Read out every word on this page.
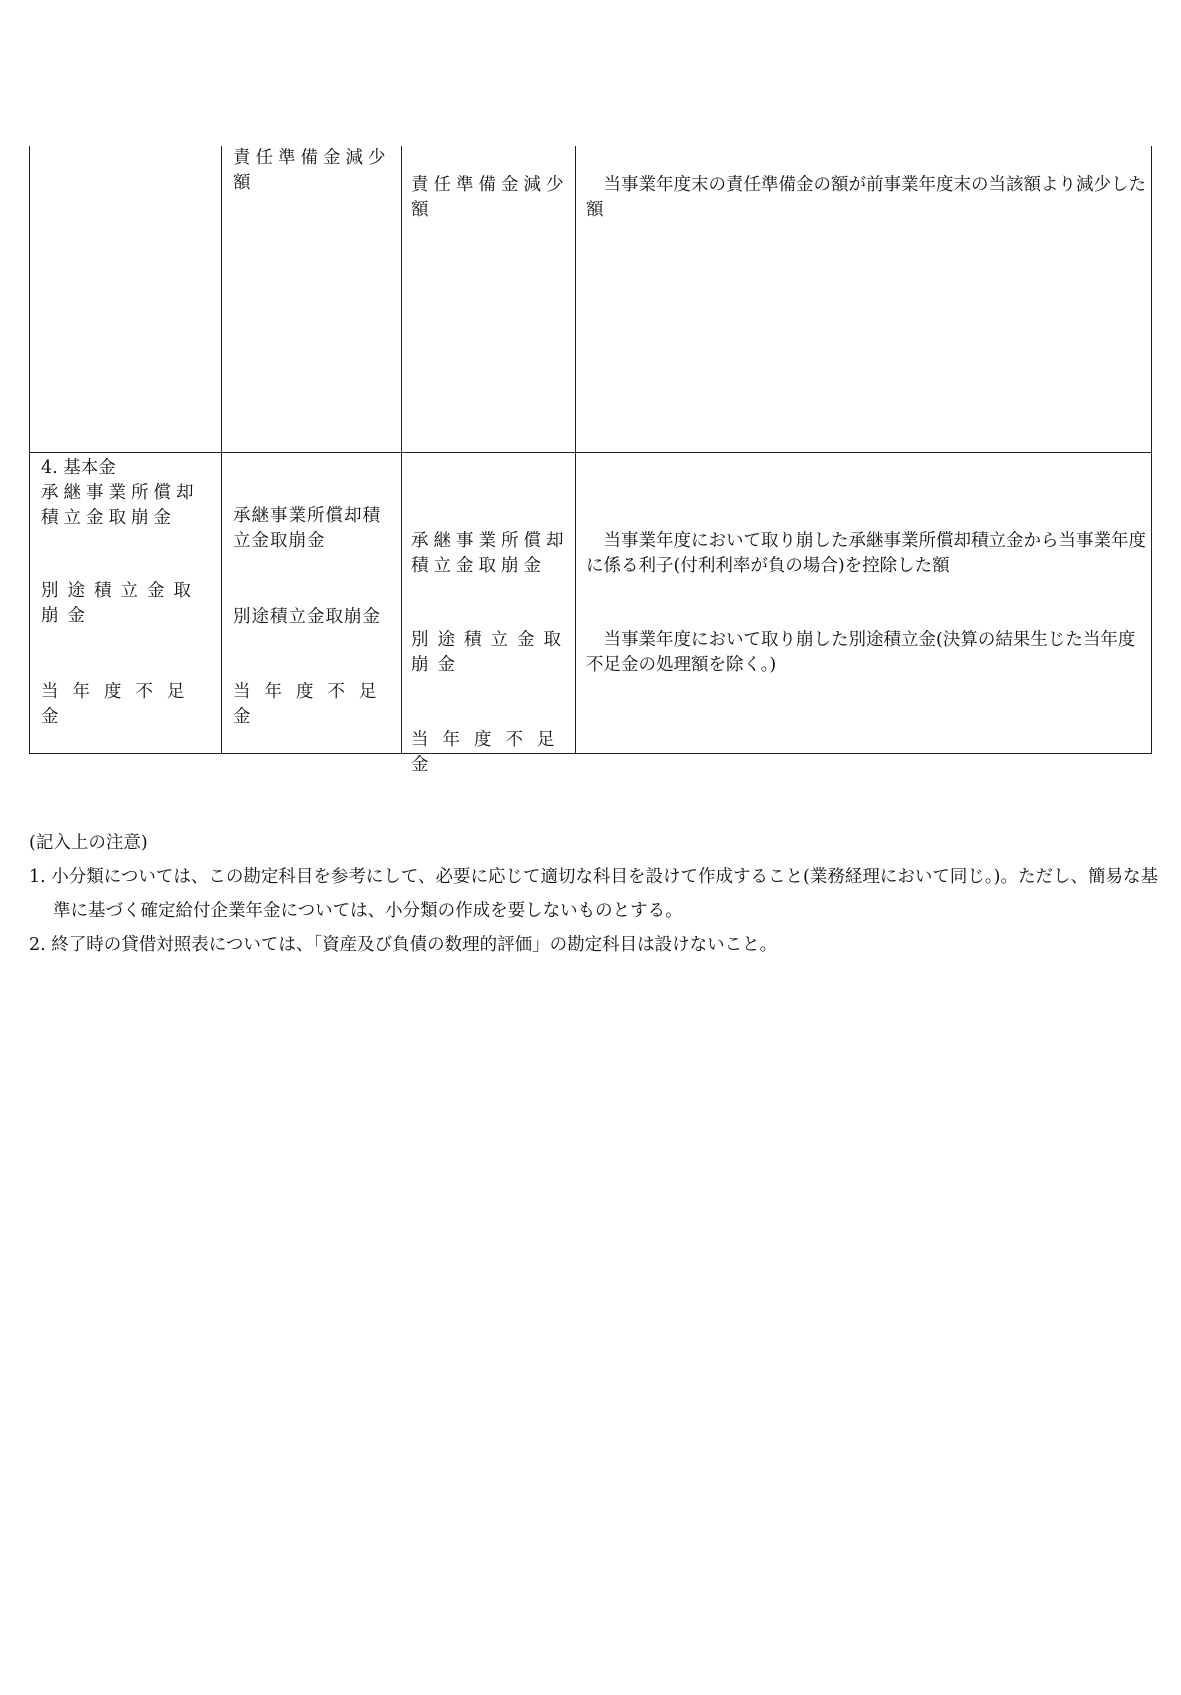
責任準備金減少額	責任準備金減少額
　当事業年度末の責任準備金の額が前事業年度末の当該額より減少した額
4. 基本金
承継事業所償却積立金取崩金
別途積立金取崩金
当年度不足金
承継事業所償却積立金取崩金
別途積立金取崩金
当年度不足金
承継事業所償却積立金取崩金
別途積立金取崩金
当年度不足金
　当事業年度において取り崩した承継事業所償却積立金から当事業年度に係る利子(付利利率が負の場合)を控除した額
　当事業年度において取り崩した別途積立金(決算の結果生じた当年度不足金の処理額を除く。)
(記入上の注意)
1. 小分類については、この勘定科目を参考にして、必要に応じて適切な科目を設けて作成すること(業務経理において同じ。)。ただし、簡易な基準に基づく確定給付企業年金については、小分類の作成を要しないものとする。
2. 終了時の貸借対照表については、「資産及び負債の数理的評価」の勘定科目は設けないこと。
